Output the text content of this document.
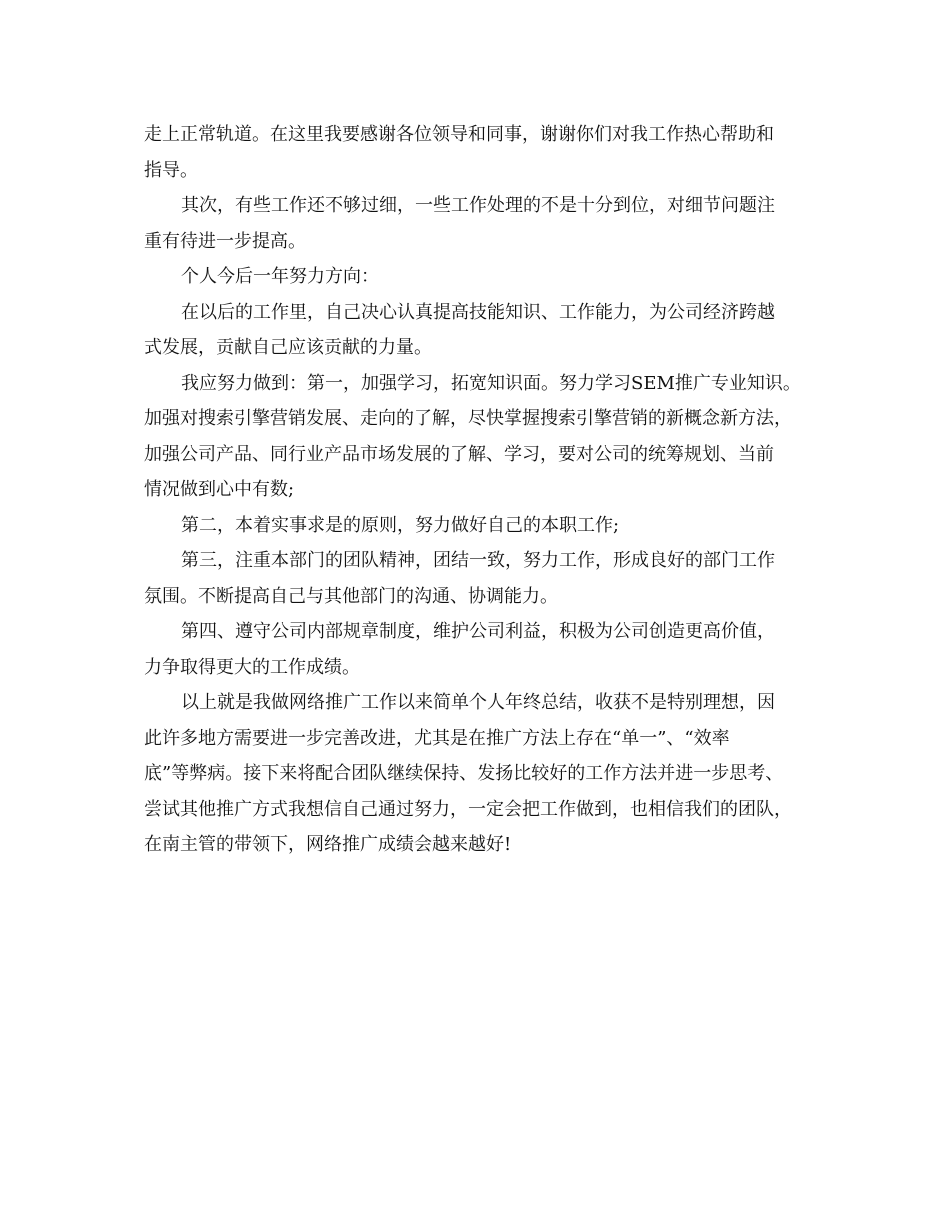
走上正常轨道。在这里我要感谢各位领导和同事，谢谢你们对我工作热心帮助和
指导。
其次，有些工作还不够过细，一些工作处理的不是十分到位，对细节问题注
重有待进一步提高。
个人今后一年努力方向：
在以后的工作里，自己决心认真提高技能知识、工作能力，为公司经济跨越
式发展，贡献自己应该贡献的力量。
我应努力做到：第一，加强学习，拓宽知识面。努力学习SEM推广专业知识。
加强对搜索引擎营销发展、走向的了解，尽快掌握搜索引擎营销的新概念新方法，
加强公司产品、同行业产品市场发展的了解、学习，要对公司的统筹规划、当前
情况做到心中有数;
第二，本着实事求是的原则，努力做好自己的本职工作;
第三，注重本部门的团队精神，团结一致，努力工作，形成良好的部门工作
氛围。不断提高自己与其他部门的沟通、协调能力。
第四、遵守公司内部规章制度，维护公司利益，积极为公司创造更高价值，
力争取得更大的工作成绩。
以上就是我做网络推广工作以来简单个人年终总结，收获不是特别理想，因
此许多地方需要进一步完善改进，尤其是在推广方法上存在“单一”、“效率
底”等弊病。接下来将配合团队继续保持、发扬比较好的工作方法并进一步思考、
尝试其他推广方式我想信自己通过努力，一定会把工作做到，也相信我们的团队，
在南主管的带领下，网络推广成绩会越来越好!
